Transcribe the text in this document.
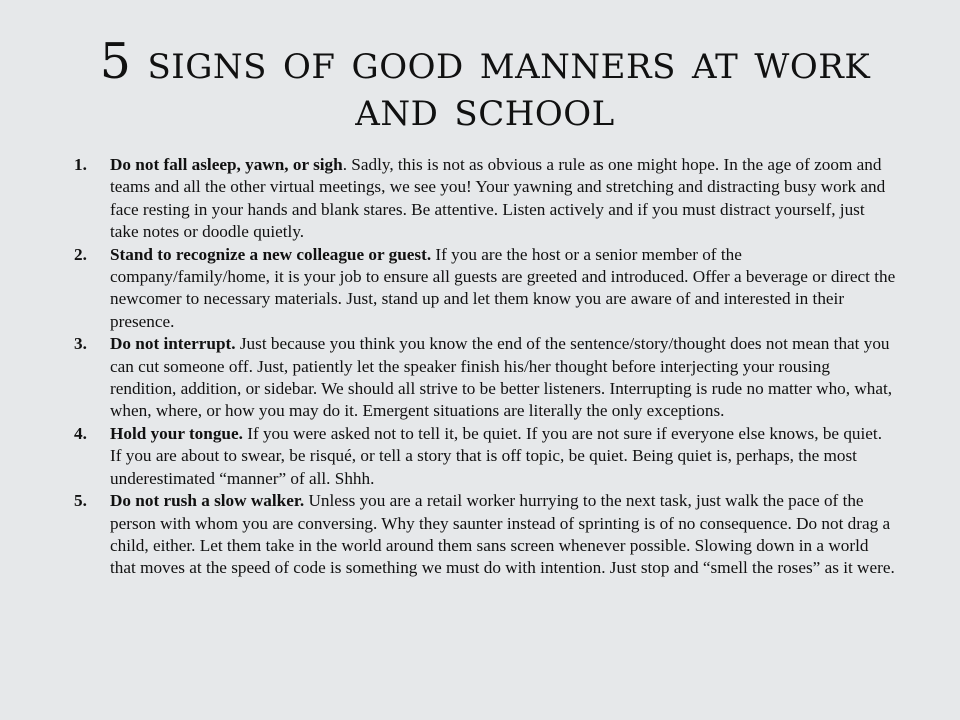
5 signs of good manners at work and school
1. Do not fall asleep, yawn, or sigh. Sadly, this is not as obvious a rule as one might hope. In the age of zoom and teams and all the other virtual meetings, we see you! Your yawning and stretching and distracting busy work and face resting in your hands and blank stares. Be attentive. Listen actively and if you must distract yourself, just take notes or doodle quietly.
2. Stand to recognize a new colleague or guest. If you are the host or a senior member of the company/family/home, it is your job to ensure all guests are greeted and introduced. Offer a beverage or direct the newcomer to necessary materials. Just, stand up and let them know you are aware of and interested in their presence.
3. Do not interrupt. Just because you think you know the end of the sentence/story/thought does not mean that you can cut someone off. Just, patiently let the speaker finish his/her thought before interjecting your rousing rendition, addition, or sidebar. We should all strive to be better listeners. Interrupting is rude no matter who, what, when, where, or how you may do it. Emergent situations are literally the only exceptions.
4. Hold your tongue. If you were asked not to tell it, be quiet. If you are not sure if everyone else knows, be quiet. If you are about to swear, be risqué, or tell a story that is off topic, be quiet. Being quiet is, perhaps, the most underestimated “manner” of all. Shhh.
5. Do not rush a slow walker. Unless you are a retail worker hurrying to the next task, just walk the pace of the person with whom you are conversing. Why they saunter instead of sprinting is of no consequence. Do not drag a child, either. Let them take in the world around them sans screen whenever possible. Slowing down in a world that moves at the speed of code is something we must do with intention. Just stop and “smell the roses” as it were.
